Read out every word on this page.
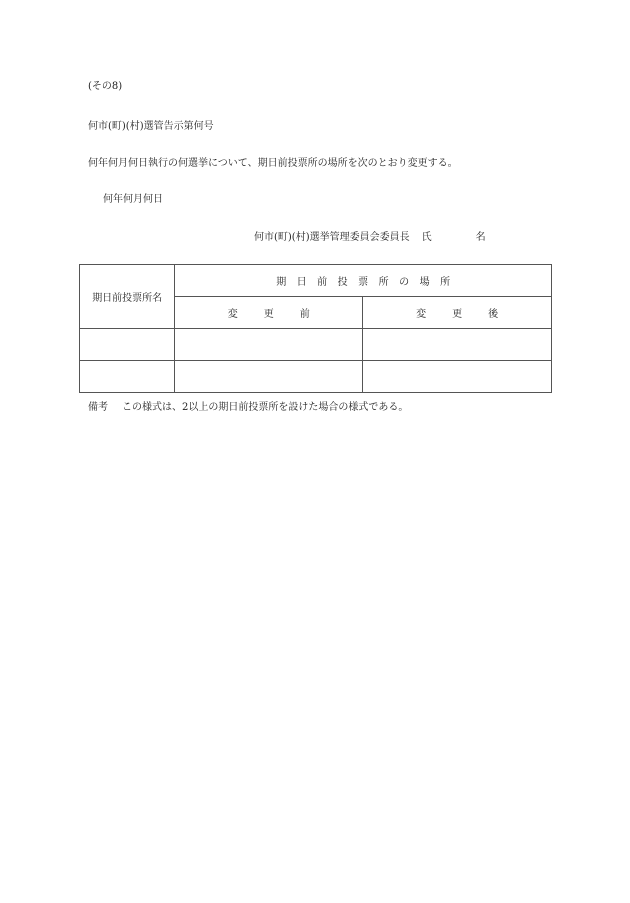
(その8)
何市(町)(村)選管告示第何号
何年何月何日執行の何選挙について、期日前投票所の場所を次のとおり変更する。
何年何月何日
何市(町)(村)選挙管理委員会委員長 氏	名
期日前投票所名	期日前投票所の場所	
	変更前	変更後

備考 この様式は、2以上の期日前投票所を設けた場合の様式である。
